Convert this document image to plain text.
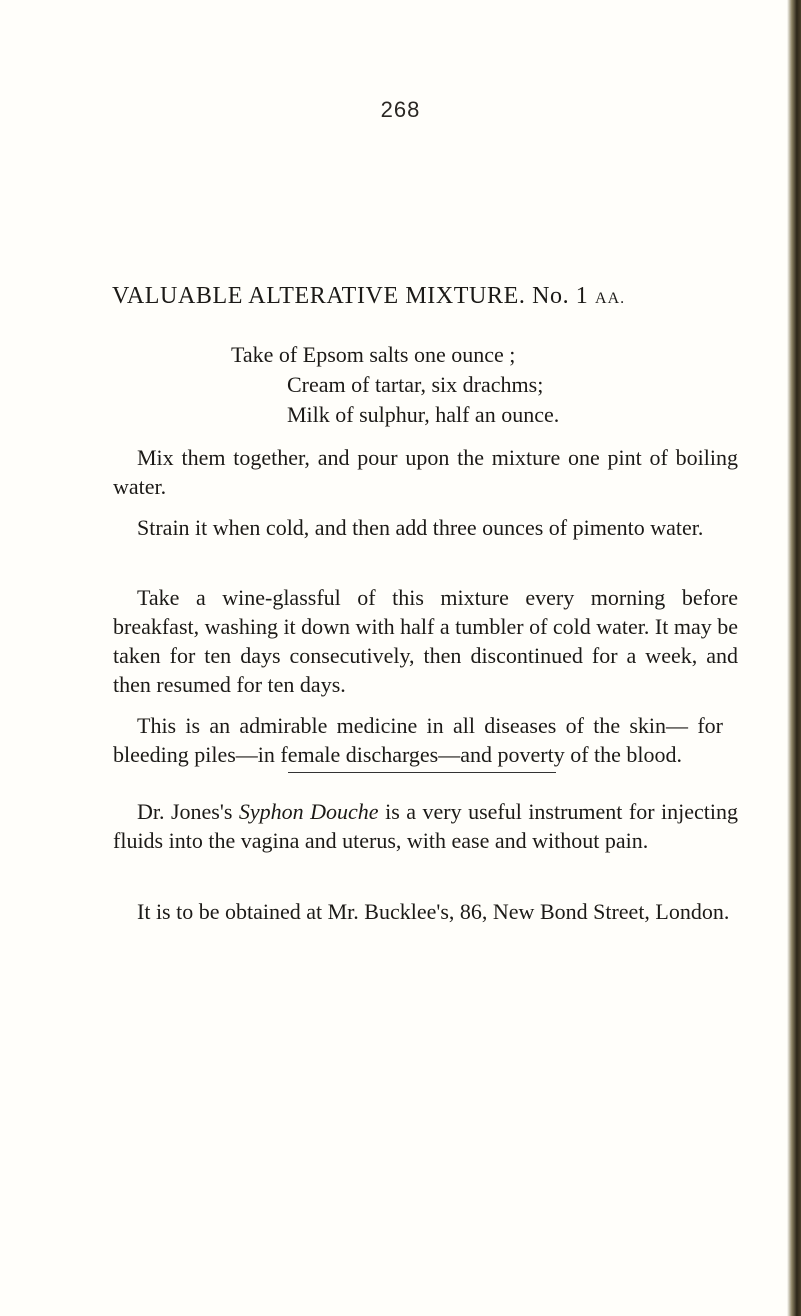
268
VALUABLE ALTERATIVE MIXTURE. No. 1 AA.
Take of Epsom salts one ounce ;
Cream of tartar, six drachms;
Milk of sulphur, half an ounce.
Mix them together, and pour upon the mixture one pint of boiling water.
Strain it when cold, and then add three ounces of pimento water.
Take a wine-glassful of this mixture every morning before breakfast, washing it down with half a tumbler of cold water. It may be taken for ten days consecutively, then discontinued for a week, and then resumed for ten days.
This is an admirable medicine in all diseases of the skin— for bleeding piles—in female discharges—and poverty of the blood.
Dr. Jones's Syphon Douche is a very useful instrument for injecting fluids into the vagina and uterus, with ease and without pain.
It is to be obtained at Mr. Bucklee's, 86, New Bond Street, London.
